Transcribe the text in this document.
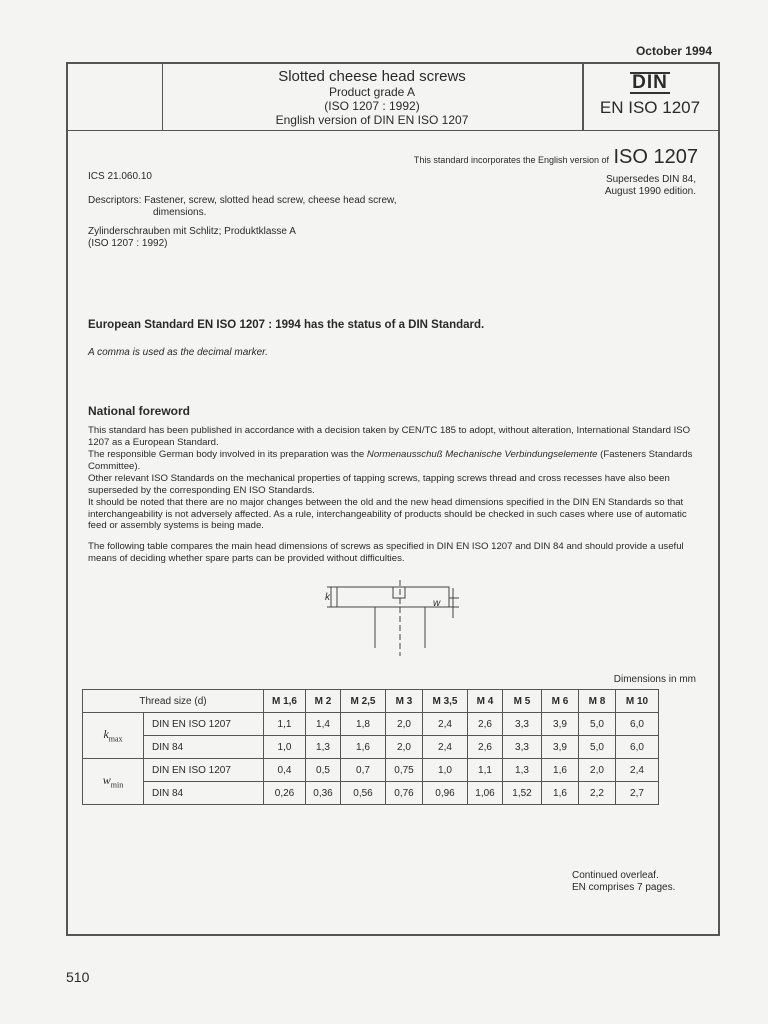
October 1994
Slotted cheese head screws
Product grade A
(ISO 1207 : 1992)
English version of DIN EN ISO 1207
DIN
EN ISO 1207
This standard incorporates the English version of ISO 1207
ICS 21.060.10	Supersedes DIN 84,
August 1990 edition.
Descriptors: Fastener, screw, slotted head screw, cheese head screw,
dimensions.
Zylinderschrauben mit Schlitz; Produktklasse A
(ISO 1207 : 1992)
European Standard EN ISO 1207 : 1994 has the status of a DIN Standard.
A comma is used as the decimal marker.
National foreword
This standard has been published in accordance with a decision taken by CEN/TC 185 to adopt, without alteration, International Standard ISO 1207 as a European Standard.
The responsible German body involved in its preparation was the Normenausschuß Mechanische Verbindungselemente (Fasteners Standards Committee).
Other relevant ISO Standards on the mechanical properties of tapping screws, tapping screws thread and cross recesses have also been superseded by the corresponding EN ISO Standards.
It should be noted that there are no major changes between the old and the new head dimensions specified in the DIN EN Standards so that interchangeability is not adversely affected. As a rule, interchangeability of products should be checked in such cases where use of automatic feed or assembly systems is being made.
The following table compares the main head dimensions of screws as specified in DIN EN ISO 1207 and DIN 84 and should provide a useful means of deciding whether spare parts can be provided without difficulties.
k
w
Dimensions in mm
Thread size (d)		M 1,6	M 2	M 2,5	M 3	M 3,5	M 4	M 5	M 6	M 8	M 10
$k_{max}$	DIN EN ISO 1207	1,1	1,4	1,8	2,0	2,4	2,6	3,3	3,9	5,0	6,0
	DIN 84	1,0	1,3	1,6	2,0	2,4	2,6	3,3	3,9	5,0	6,0
$w_{min}$	DIN EN ISO 1207	0,4	0,5	0,7	0,75	1,0	1,1	1,3	1,6	2,0	2,4
	DIN 84	0,26	0,36	0,56	0,76	0,96	1,06	1,52	1,6	2,2	2,7
Continued overleaf.
EN comprises 7 pages.
510
